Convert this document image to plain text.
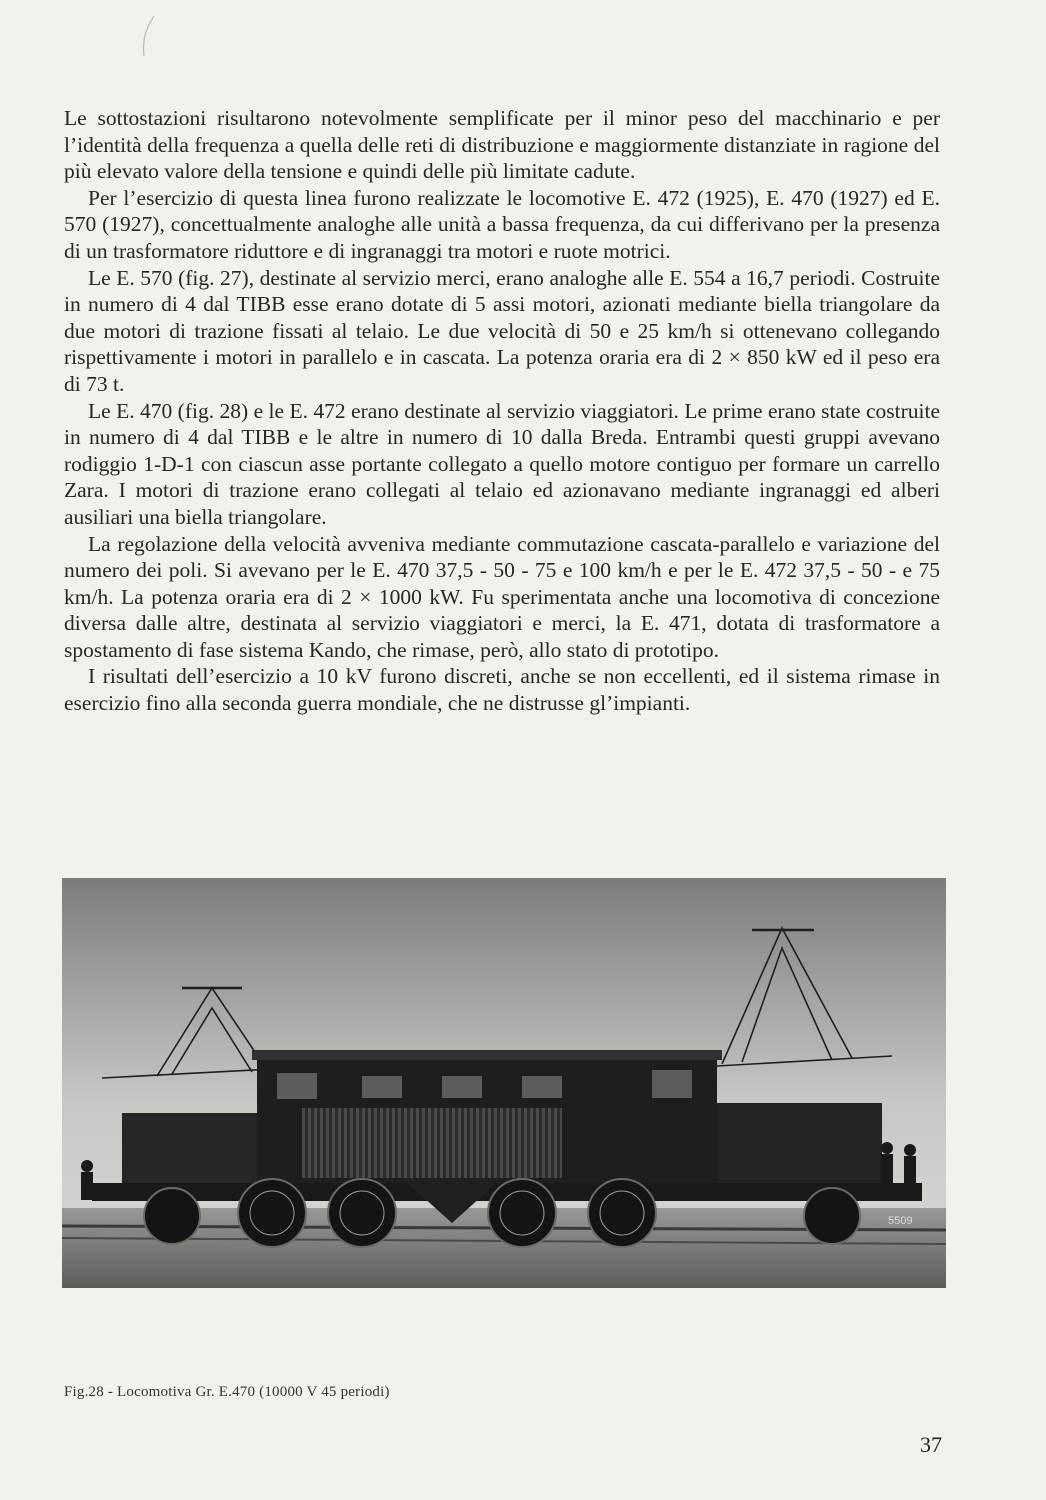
Le sottostazioni risultarono notevolmente semplificate per il minor peso del macchinario e per l’identità della frequenza a quella delle reti di distribuzione e maggiormente distanziate in ragione del più elevato valore della tensione e quindi delle più limitate cadute.

Per l’esercizio di questa linea furono realizzate le locomotive E. 472 (1925), E. 470 (1927) ed E. 570 (1927), concettualmente analoghe alle unità a bassa frequenza, da cui differivano per la presenza di un trasformatore riduttore e di ingranaggi tra motori e ruote motrici.

Le E. 570 (fig. 27), destinate al servizio merci, erano analoghe alle E. 554 a 16,7 periodi. Costruite in numero di 4 dal TIBB esse erano dotate di 5 assi motori, azionati mediante biella triangolare da due motori di trazione fissati al telaio. Le due velocità di 50 e 25 km/h si ottenevano collegando rispettivamente i motori in parallelo e in cascata. La potenza oraria era di 2 × 850 kW ed il peso era di 73 t.

Le E. 470 (fig. 28) e le E. 472 erano destinate al servizio viaggiatori. Le prime erano state costruite in numero di 4 dal TIBB e le altre in numero di 10 dalla Breda. Entrambi questi gruppi avevano rodiggio 1-D-1 con ciascun asse portante collegato a quello motore contiguo per formare un carrello Zara. I motori di trazione erano collegati al telaio ed azionavano mediante ingranaggi ed alberi ausiliari una biella triangolare.

La regolazione della velocità avveniva mediante commutazione cascata-parallelo e variazione del numero dei poli. Si avevano per le E. 470 37,5 - 50 - 75 e 100 km/h e per le E. 472 37,5 - 50 - e 75 km/h. La potenza oraria era di 2 × 1000 kW. Fu sperimentata anche una locomotiva di concezione diversa dalle altre, destinata al servizio viaggiatori e merci, la E. 471, dotata di trasformatore a spostamento di fase sistema Kando, che rimase, però, allo stato di prototipo.

I risultati dell’esercizio a 10 kV furono discreti, anche se non eccellenti, ed il sistema rimase in esercizio fino alla seconda guerra mondiale, che ne distrusse gl’impianti.

5509
Fig.28 - Locomotiva Gr. E.470 (10000 V 45 periodi)
37
